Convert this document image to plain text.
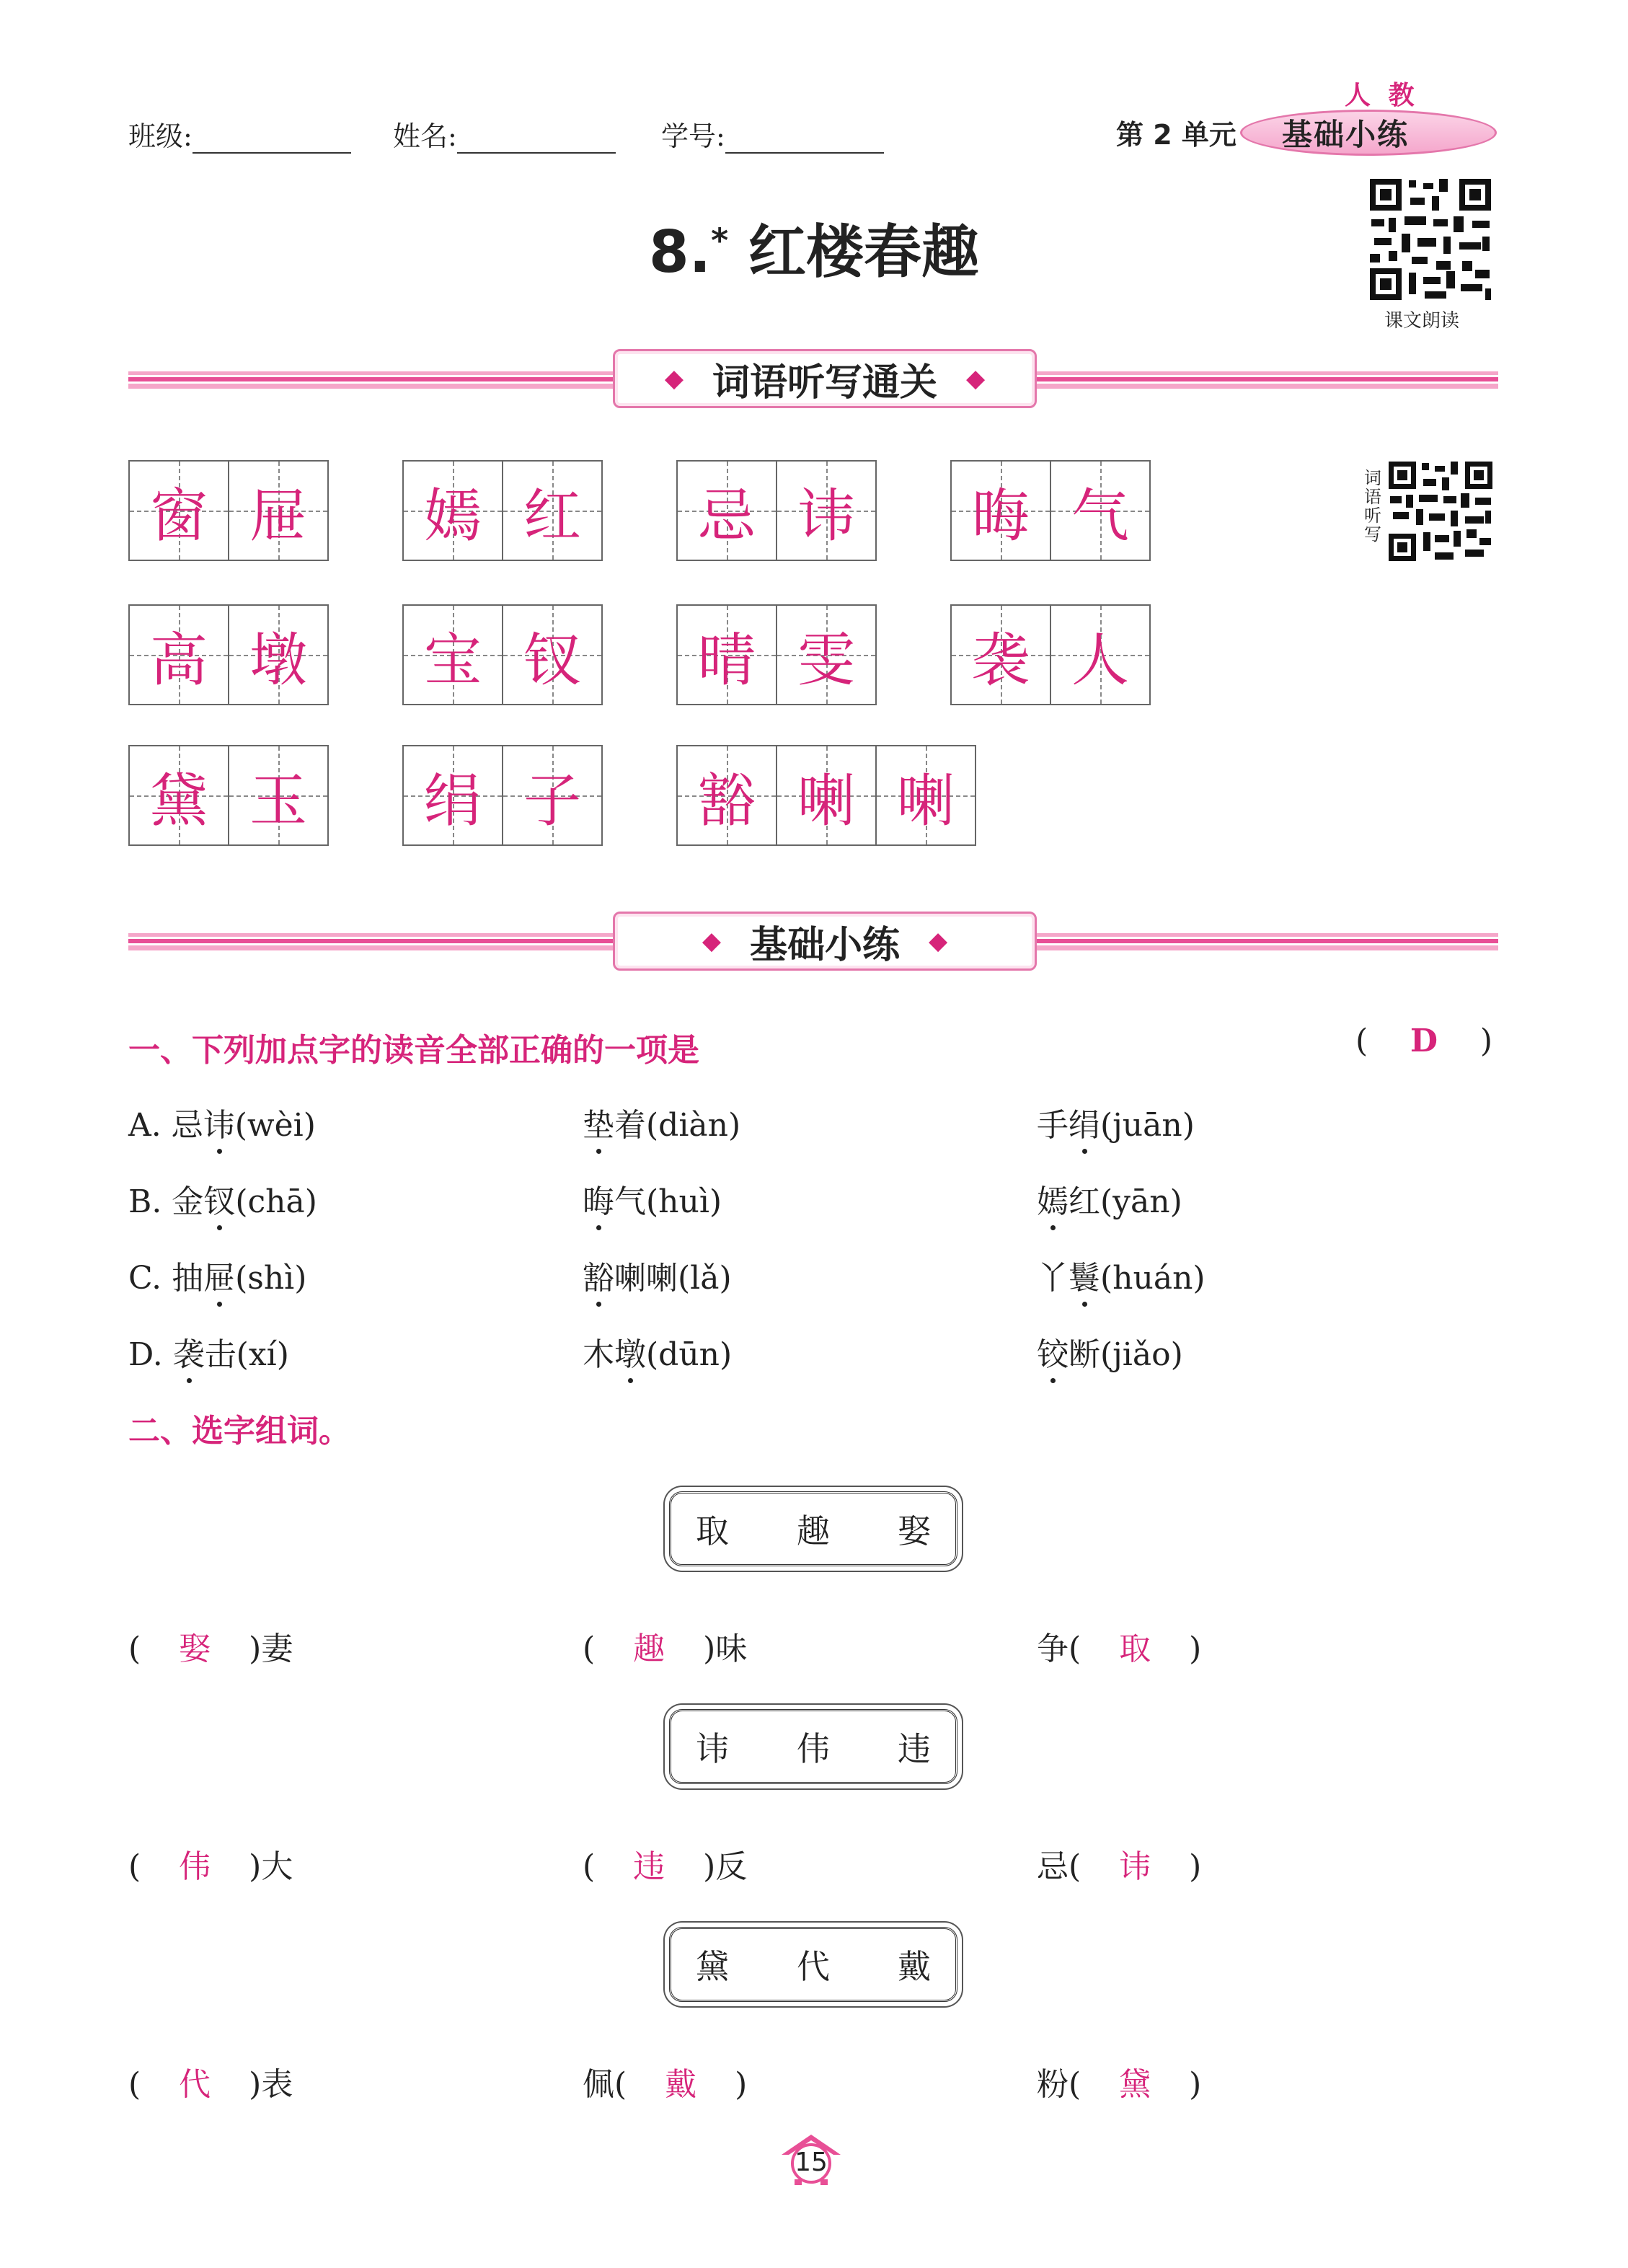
班级:	姓名:	学号:	第 2 单元
人 教
基础小练
8.* 红楼春趣
课文朗读
词语听写
◆ 词语听写通关 ◆
窗 屉 嫣 红 忌 讳 晦 气
高 墩 宝 钗 晴 雯 袭 人
黛 玉 绢 子 豁 喇 喇
◆ 基础小练 ◆
一、下列加点字的读音全部正确的一项是	( D )
A. 忌讳(wèi)	垫着(diàn)	手绢(juān)
B. 金钗(chā)	晦气(huì)	嫣红(yān)
C. 抽屉(shì)	豁喇喇(lǎ)	丫鬟(huán)
D. 袭击(xí)	木墩(dūn)	铰断(jiǎo)
二、选字组词。
取 趣 娶
( 娶 )妻	( 趣 )味	争( 取 )
讳 伟 违
( 伟 )大	( 违 )反	忌( 讳 )
黛 代 戴
( 代 )表	佩( 戴 )	粉( 黛 )
15
